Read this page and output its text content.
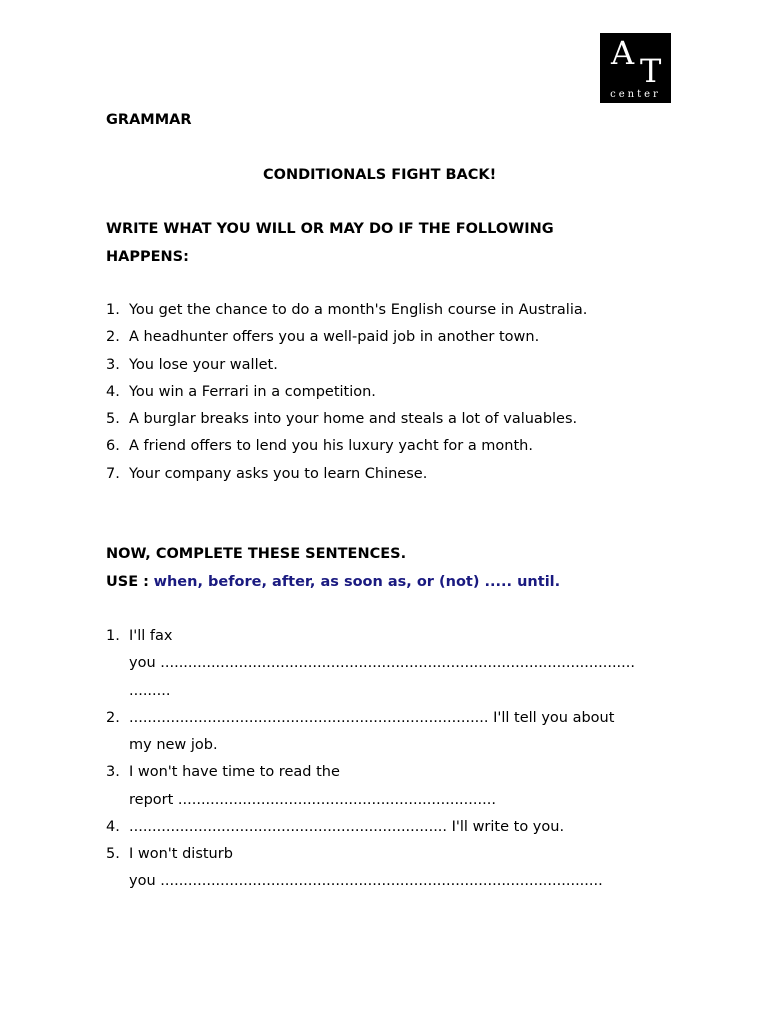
A T
center
GRAMMAR
CONDITIONALS FIGHT BACK!
WRITE WHAT YOU WILL OR MAY DO IF THE FOLLOWING
HAPPENS:
1. You get the chance to do a month's English course in Australia.
2. A headhunter offers you a well-paid job in another town.
3. You lose your wallet.
4. You win a Ferrari in a competition.
5. A burglar breaks into your home and steals a lot of valuables.
6. A friend offers to lend you his luxury yacht for a month.
7. Your company asks you to learn Chinese.
NOW, COMPLETE THESE SENTENCES.
USE : when, before, after, as soon as, or (not) ..... until.
1. I'll fax
you .......................................................................................................
.........
2. .............................................................................. I'll tell you about
my new job.
3. I won't have time to read the
report .....................................................................
4. ..................................................................... I'll write to you.
5. I won't disturb
you ................................................................................................
